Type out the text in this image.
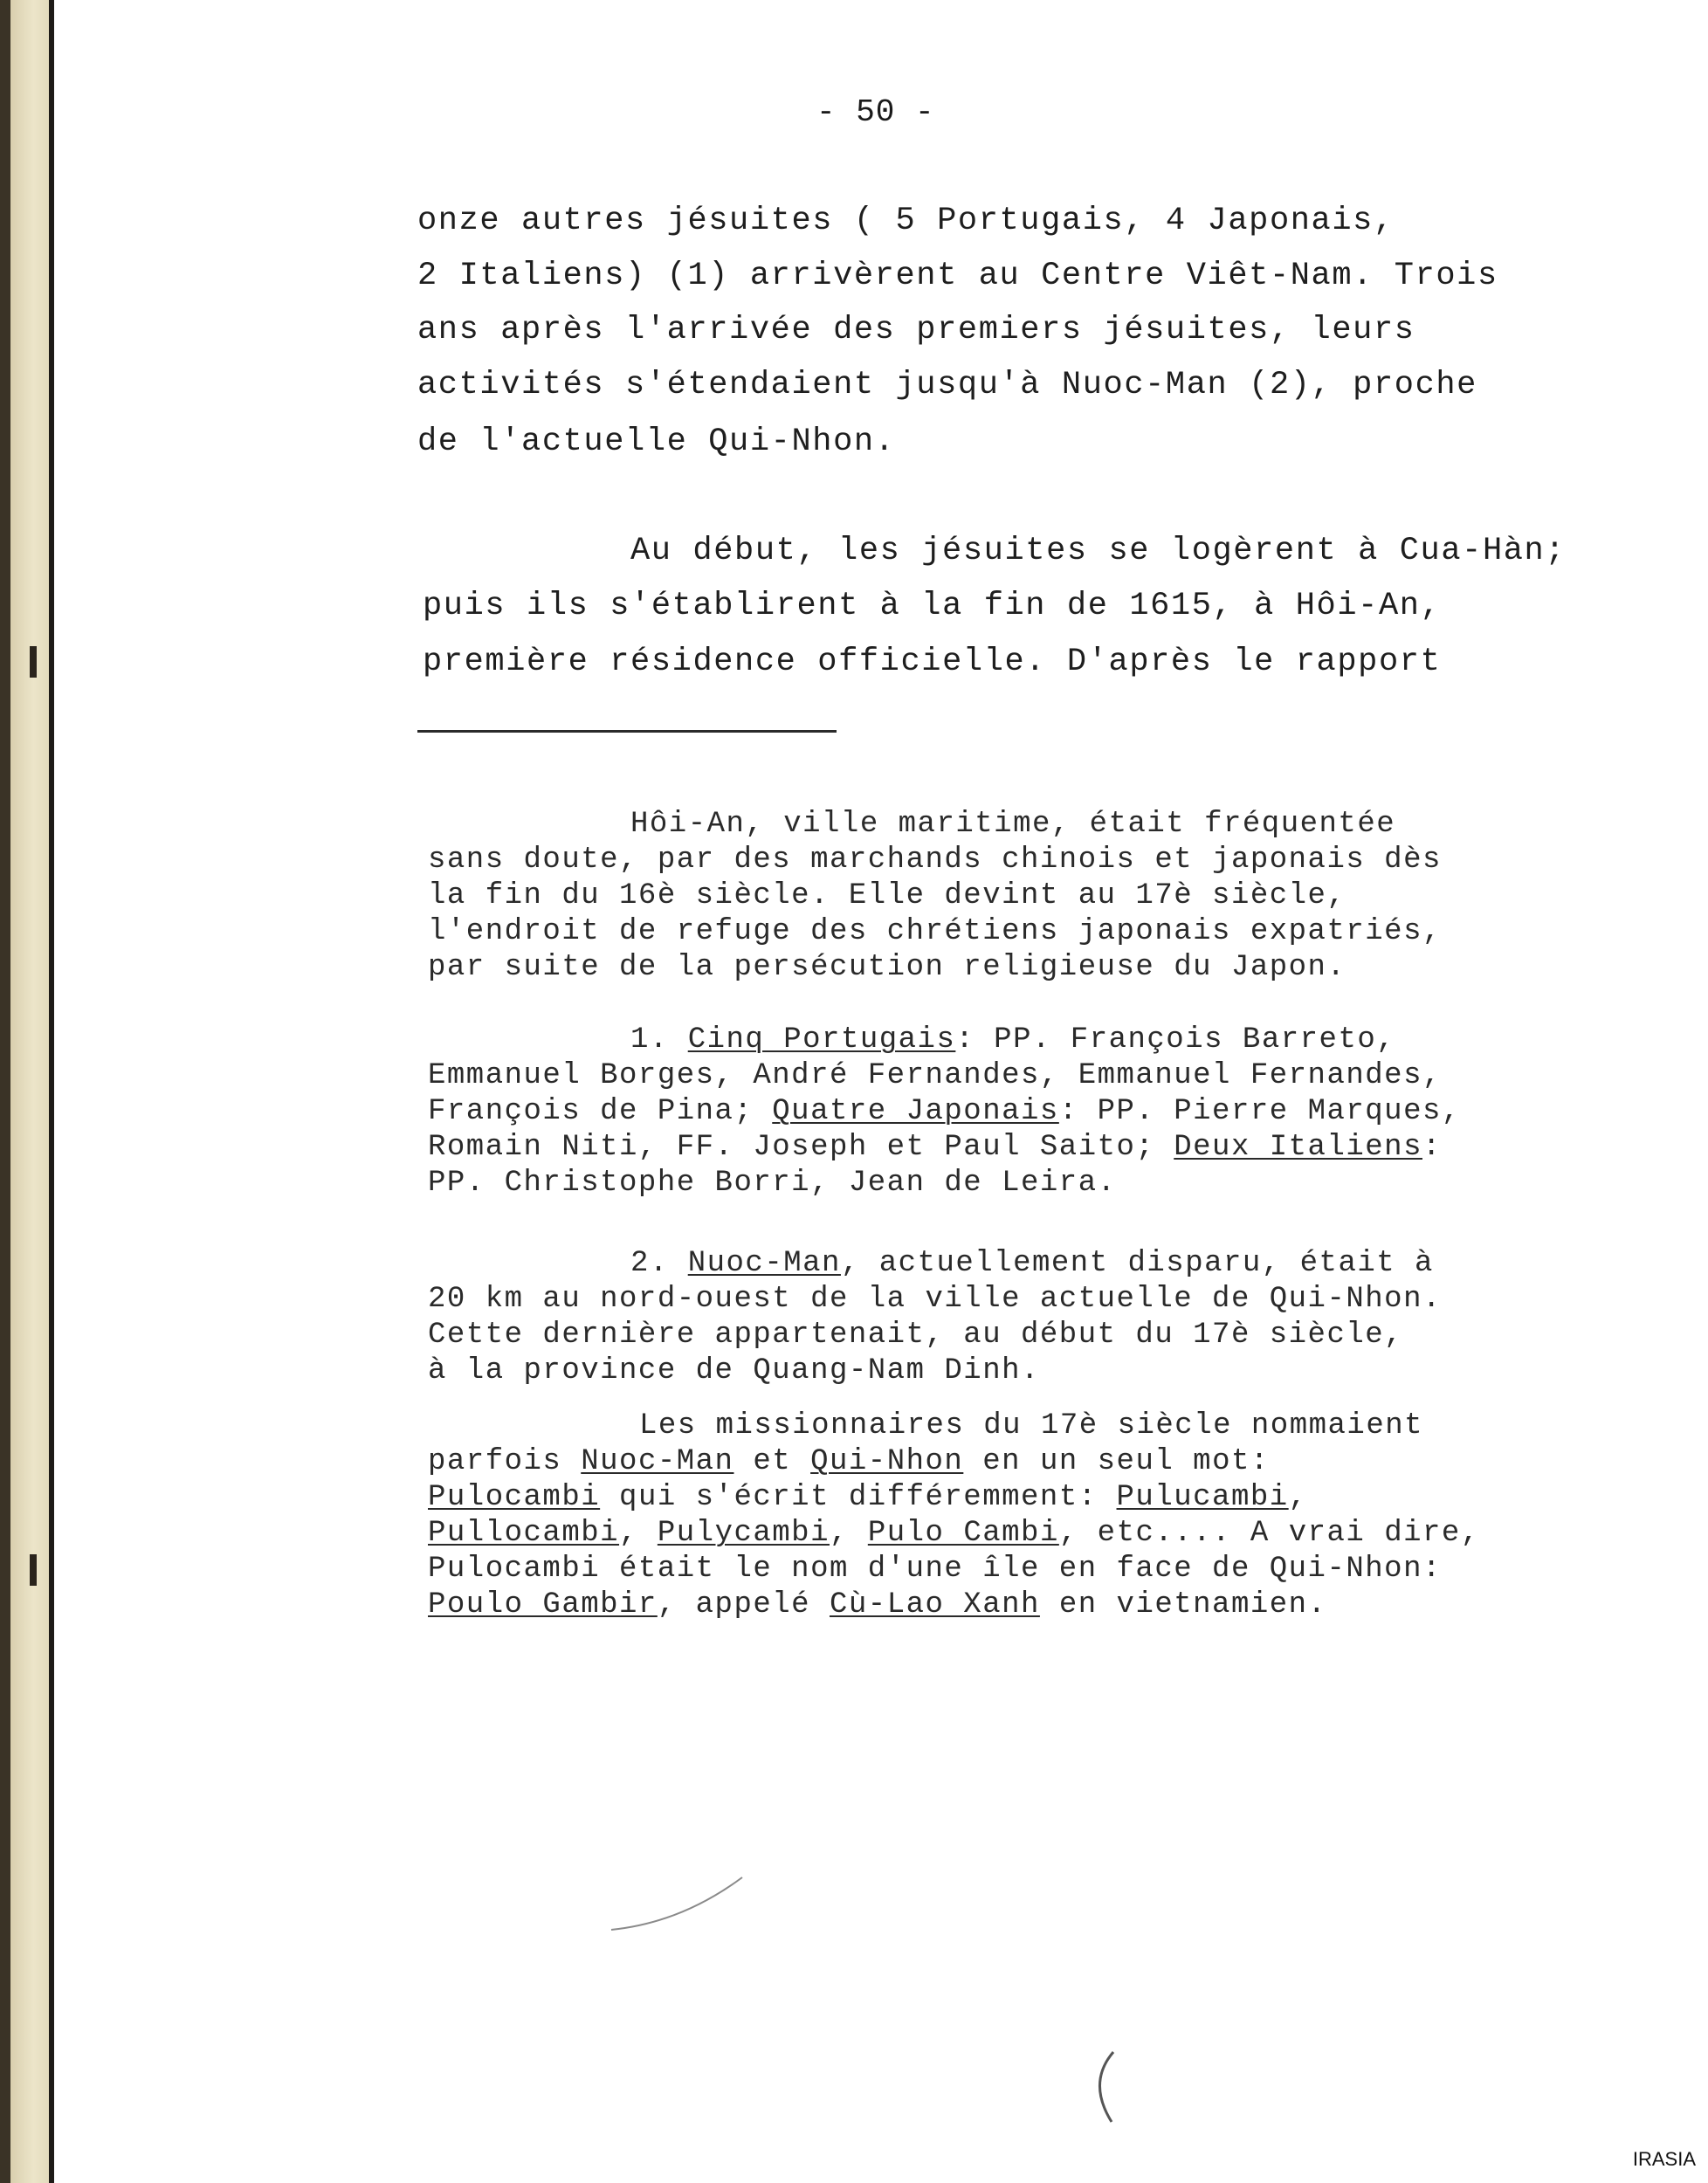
- 50 -
onze autres jésuites ( 5 Portugais, 4 Japonais,
2 Italiens) (1) arrivèrent au Centre Viêt-Nam. Trois
ans après l'arrivée des premiers jésuites, leurs
activités s'étendaient jusqu'à Nuoc-Man (2), proche
de l'actuelle Qui-Nhon.
Au début, les jésuites se logèrent à Cua-Hàn;
puis ils s'établirent à la fin de 1615, à Hôi-An,
première résidence officielle. D'après le rapport
Hôi-An, ville maritime, était fréquentée
sans doute, par des marchands chinois et japonais dès
la fin du 16è siècle. Elle devint au 17è siècle,
l'endroit de refuge des chrétiens japonais expatriés,
par suite de la persécution religieuse du Japon.
1. Cinq Portugais: PP. François Barreto,
Emmanuel Borges, André Fernandes, Emmanuel Fernandes,
François de Pina; Quatre Japonais: PP. Pierre Marques,
Romain Niti, FF. Joseph et Paul Saito; Deux Italiens:
PP. Christophe Borri, Jean de Leira.
2. Nuoc-Man, actuellement disparu, était à
20 km au nord-ouest de la ville actuelle de Qui-Nhon.
Cette dernière appartenait, au début du 17è siècle,
à la province de Quang-Nam Dinh.
Les missionnaires du 17è siècle nommaient
parfois Nuoc-Man et Qui-Nhon en un seul mot:
Pulocambi qui s'écrit différemment: Pulucambi,
Pullocambi, Pulycambi, Pulo Cambi, etc.... A vrai dire,
Pulocambi était le nom d'une île en face de Qui-Nhon:
Poulo Gambir, appelé Cù-Lao Xanh en vietnamien.
IRASIA
